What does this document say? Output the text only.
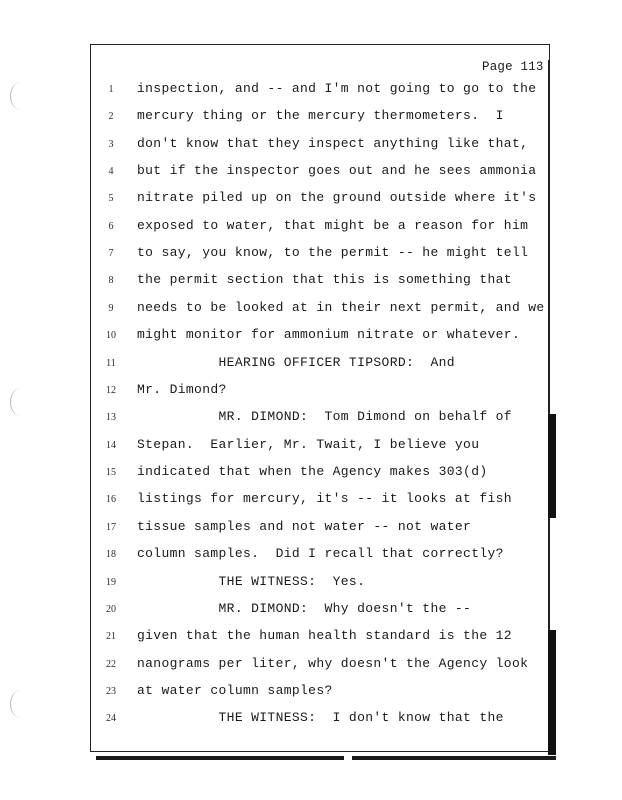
Page 113
1	inspection, and -- and I'm not going to go to the
2	mercury thing or the mercury thermometers.  I
3	don't know that they inspect anything like that,
4	but if the inspector goes out and he sees ammonia
5	nitrate piled up on the ground outside where it's
6	exposed to water, that might be a reason for him
7	to say, you know, to the permit -- he might tell
8	the permit section that this is something that
9	needs to be looked at in their next permit, and we
10	might monitor for ammonium nitrate or whatever.
11	HEARING OFFICER TIPSORD:  And
12	Mr. Dimond?
13	MR. DIMOND:  Tom Dimond on behalf of
14	Stepan.  Earlier, Mr. Twait, I believe you
15	indicated that when the Agency makes 303(d)
16	listings for mercury, it's -- it looks at fish
17	tissue samples and not water -- not water
18	column samples.  Did I recall that correctly?
19	THE WITNESS:  Yes.
20	MR. DIMOND:  Why doesn't the --
21	given that the human health standard is the 12
22	nanograms per liter, why doesn't the Agency look
23	at water column samples?
24	THE WITNESS:  I don't know that the
